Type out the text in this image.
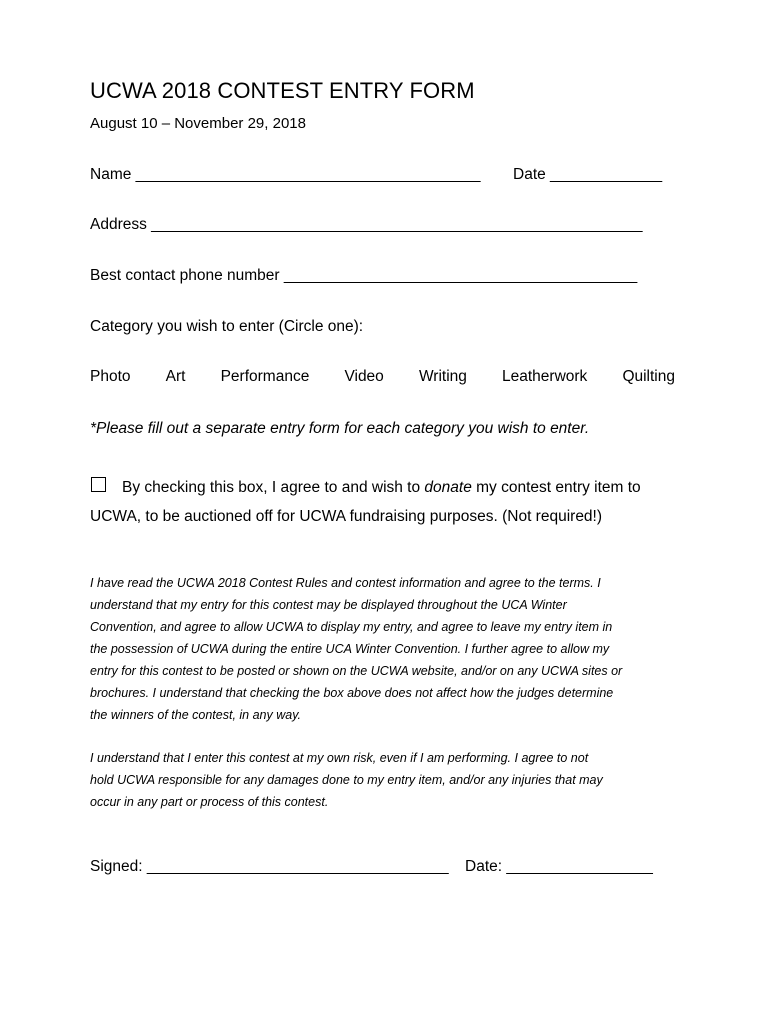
UCWA 2018 CONTEST ENTRY FORM
August 10 – November 29, 2018
Name ________________________________________ Date _____________
Address _________________________________________________________
Best contact phone number _________________________________________
Category you wish to enter (Circle one):
Photo Art Performance Video Writing Leatherwork Quilting
*Please fill out a separate entry form for each category you wish to enter.
By checking this box, I agree to and wish to donate my contest entry item to
UCWA, to be auctioned off for UCWA fundraising purposes. (Not required!)
I have read the UCWA 2018 Contest Rules and contest information and agree to the terms. I
understand that my entry for this contest may be displayed throughout the UCA Winter
Convention, and agree to allow UCWA to display my entry, and agree to leave my entry item in
the possession of UCWA during the entire UCA Winter Convention. I further agree to allow my
entry for this contest to be posted or shown on the UCWA website, and/or on any UCWA sites or
brochures. I understand that checking the box above does not affect how the judges determine
the winners of the contest, in any way.
I understand that I enter this contest at my own risk, even if I am performing. I agree to not
hold UCWA responsible for any damages done to my entry item, and/or any injuries that may
occur in any part or process of this contest.
Signed: ___________________________________ Date: _________________
